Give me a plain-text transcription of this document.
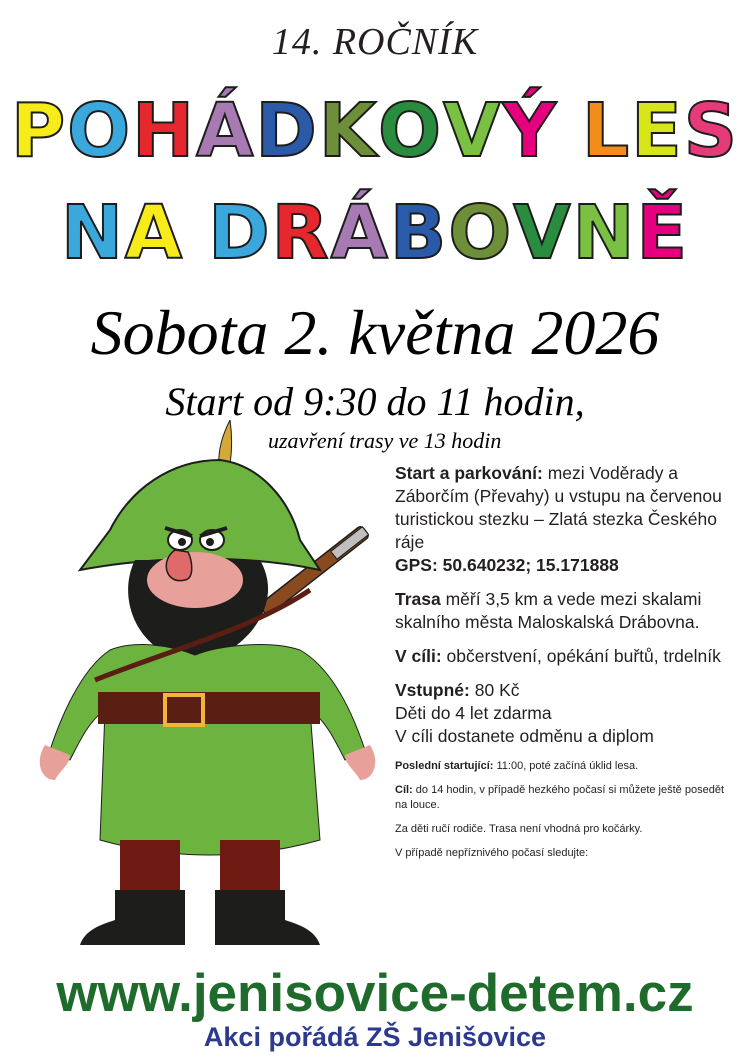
14. ROČNÍK
POHÁDKOVÝ LES
NA DRÁBOVNĚ
Sobota 2. května 2026
Start od 9:30 do 11 hodin,
uzavření trasy ve 13 hodin

Start a parkování: mezi Voděrady a Záborčím (Převahy) u vstupu na červenou turistickou stezku – Zlatá stezka Českého ráje
GPS: 50.640232; 15.171888

Trasa měří 3,5 km a vede mezi skalami skalního města Maloskalská Drábovna.

V cíli: občerstvení, opékání buřtů, trdelník

Vstupné: 80 Kč
Děti do 4 let zdarma
V cíli dostanete odměnu a diplom

Poslední startující: 11:00, poté začíná úklid lesa.

Cíl: do 14 hodin, v případě hezkého počasí si můžete ještě posedět na louce.

Za děti ručí rodiče. Trasa není vhodná pro kočárky.

V případě nepříznivého počasí sledujte:

www.jenisovice-detem.cz
Akci pořádá ZŠ Jenišovice
